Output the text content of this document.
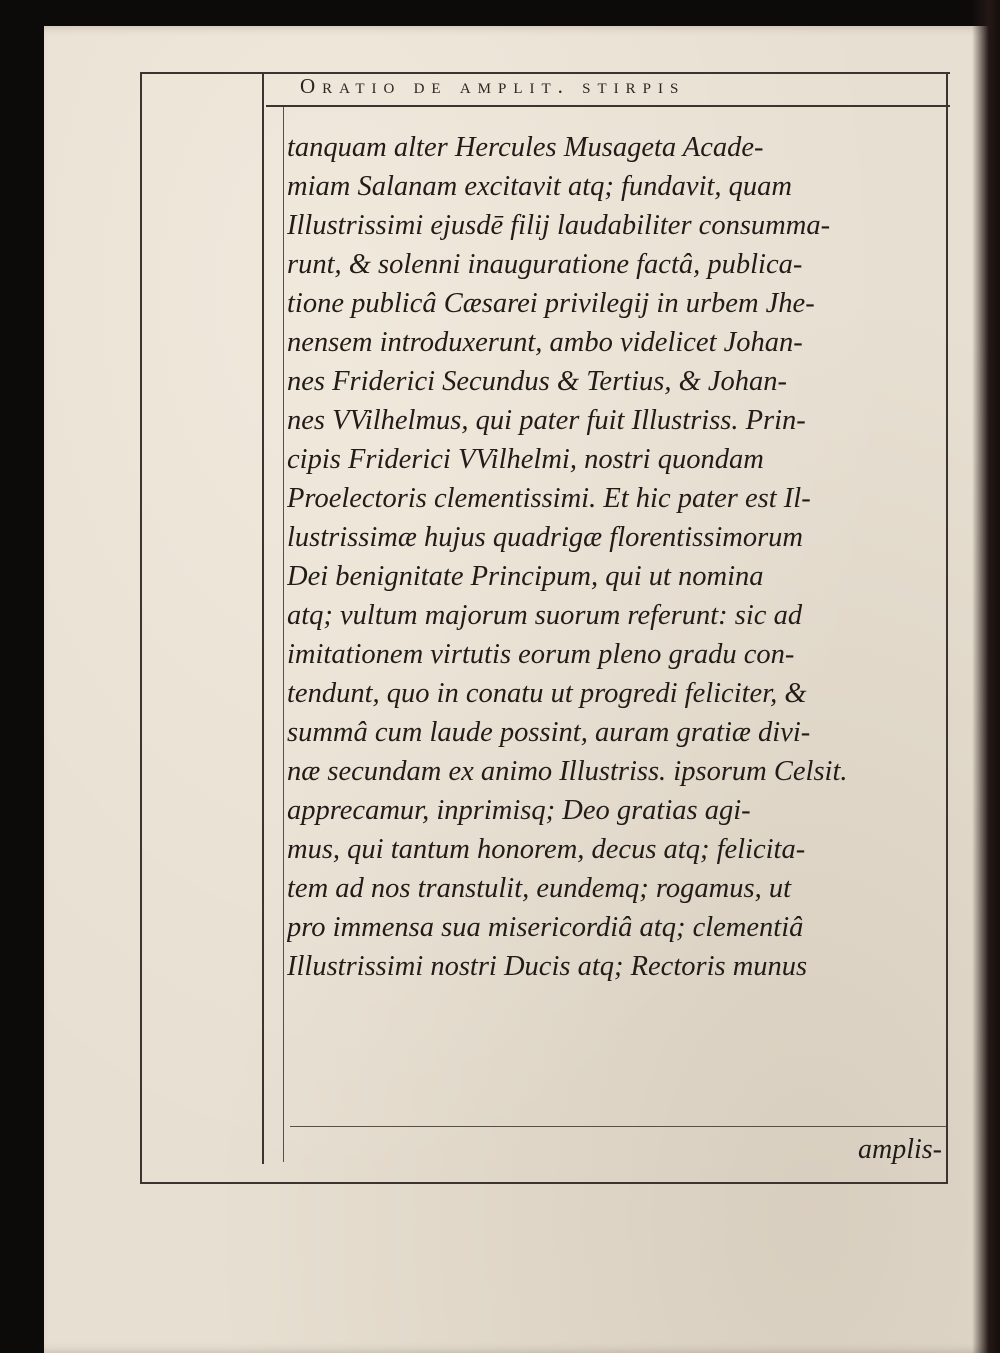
Oratio de amplit. stirpis
tanquam alter Hercules Musageta Acade-
miam Salanam excitavit atq; fundavit, quam
Illustrissimi ejusdē filij laudabiliter consumma-
runt, & solenni inauguratione factâ, publica-
tione publicâ Cæsarei privilegij in urbem Jhe-
nensem introduxerunt, ambo videlicet Johan-
nes Friderici Secundus & Tertius, & Johan-
nes VVilhelmus, qui pater fuit Illustriss. Prin-
cipis Friderici VVilhelmi, nostri quondam
Proelectoris clementissimi. Et hic pater est Il-
lustrissimæ hujus quadrigæ florentissimorum
Dei benignitate Principum, qui ut nomina
atq; vultum majorum suorum referunt: sic ad
imitationem virtutis eorum pleno gradu con-
tendunt, quo in conatu ut progredi feliciter, &
summâ cum laude possint, auram gratiæ divi-
næ secundam ex animo Illustriss. ipsorum Celsit.
apprecamur, inprimisq; Deo gratias agi-
mus, qui tantum honorem, decus atq; felicita-
tem ad nos transtulit, eundemq; rogamus, ut
pro immensa sua misericordiâ atq; clementiâ
Illustrissimi nostri Ducis atq; Rectoris munus
amplis-
